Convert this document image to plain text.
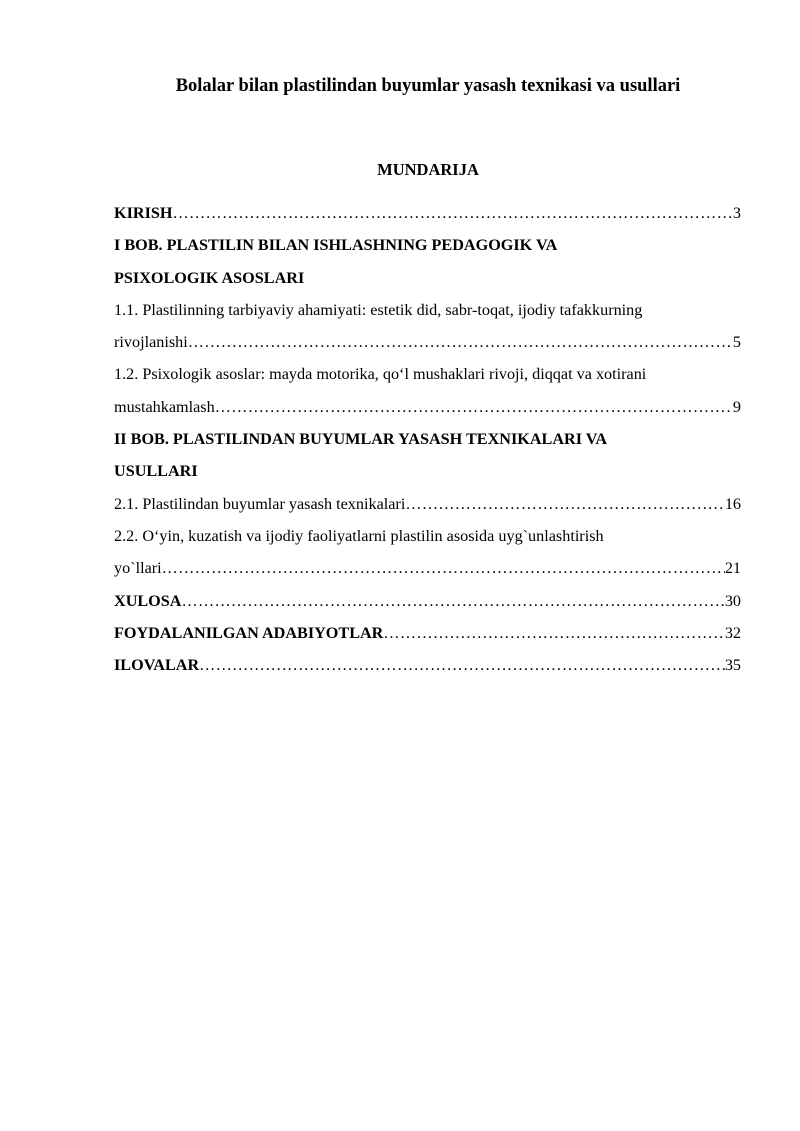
Bolalar bilan plastilindan buyumlar yasash texnikasi va usullari
MUNDARIJA
KIRISH …………………………………………………………………………………………………………………………………………………………………………	3
I BOB. PLASTILIN BILAN ISHLASHNING PEDAGOGIK VA
PSIXOLOGIK ASOSLARI
1.1. Plastilinning tarbiyaviy ahamiyati: estetik did, sabr-toqat, ijodiy tafakkurning
rivojlanishi …………………………………………………………………………………………………………………………………………………………………………	5
1.2. Psixologik asoslar: mayda motorika, qo‘l mushaklari rivoji, diqqat va xotirani
mustahkamlash …………………………………………………………………………………………………………………………………………………………………………	9
II BOB. PLASTILINDAN BUYUMLAR YASASH TEXNIKALARI VA
USULLARI
2.1. Plastilindan buyumlar yasash texnikalari …………………………………………………………………………………………………………………………………………………………………………	16
2.2. O‘yin, kuzatish va ijodiy faoliyatlarni plastilin asosida uyg`unlashtirish
yo`llari …………………………………………………………………………………………………………………………………………………………………………	21
XULOSA …………………………………………………………………………………………………………………………………………………………………………	30
FOYDALANILGAN ADABIYOTLAR …………………………………………………………………………………………………………………………………………………………………………	32
ILOVALAR …………………………………………………………………………………………………………………………………………………………………………	35
